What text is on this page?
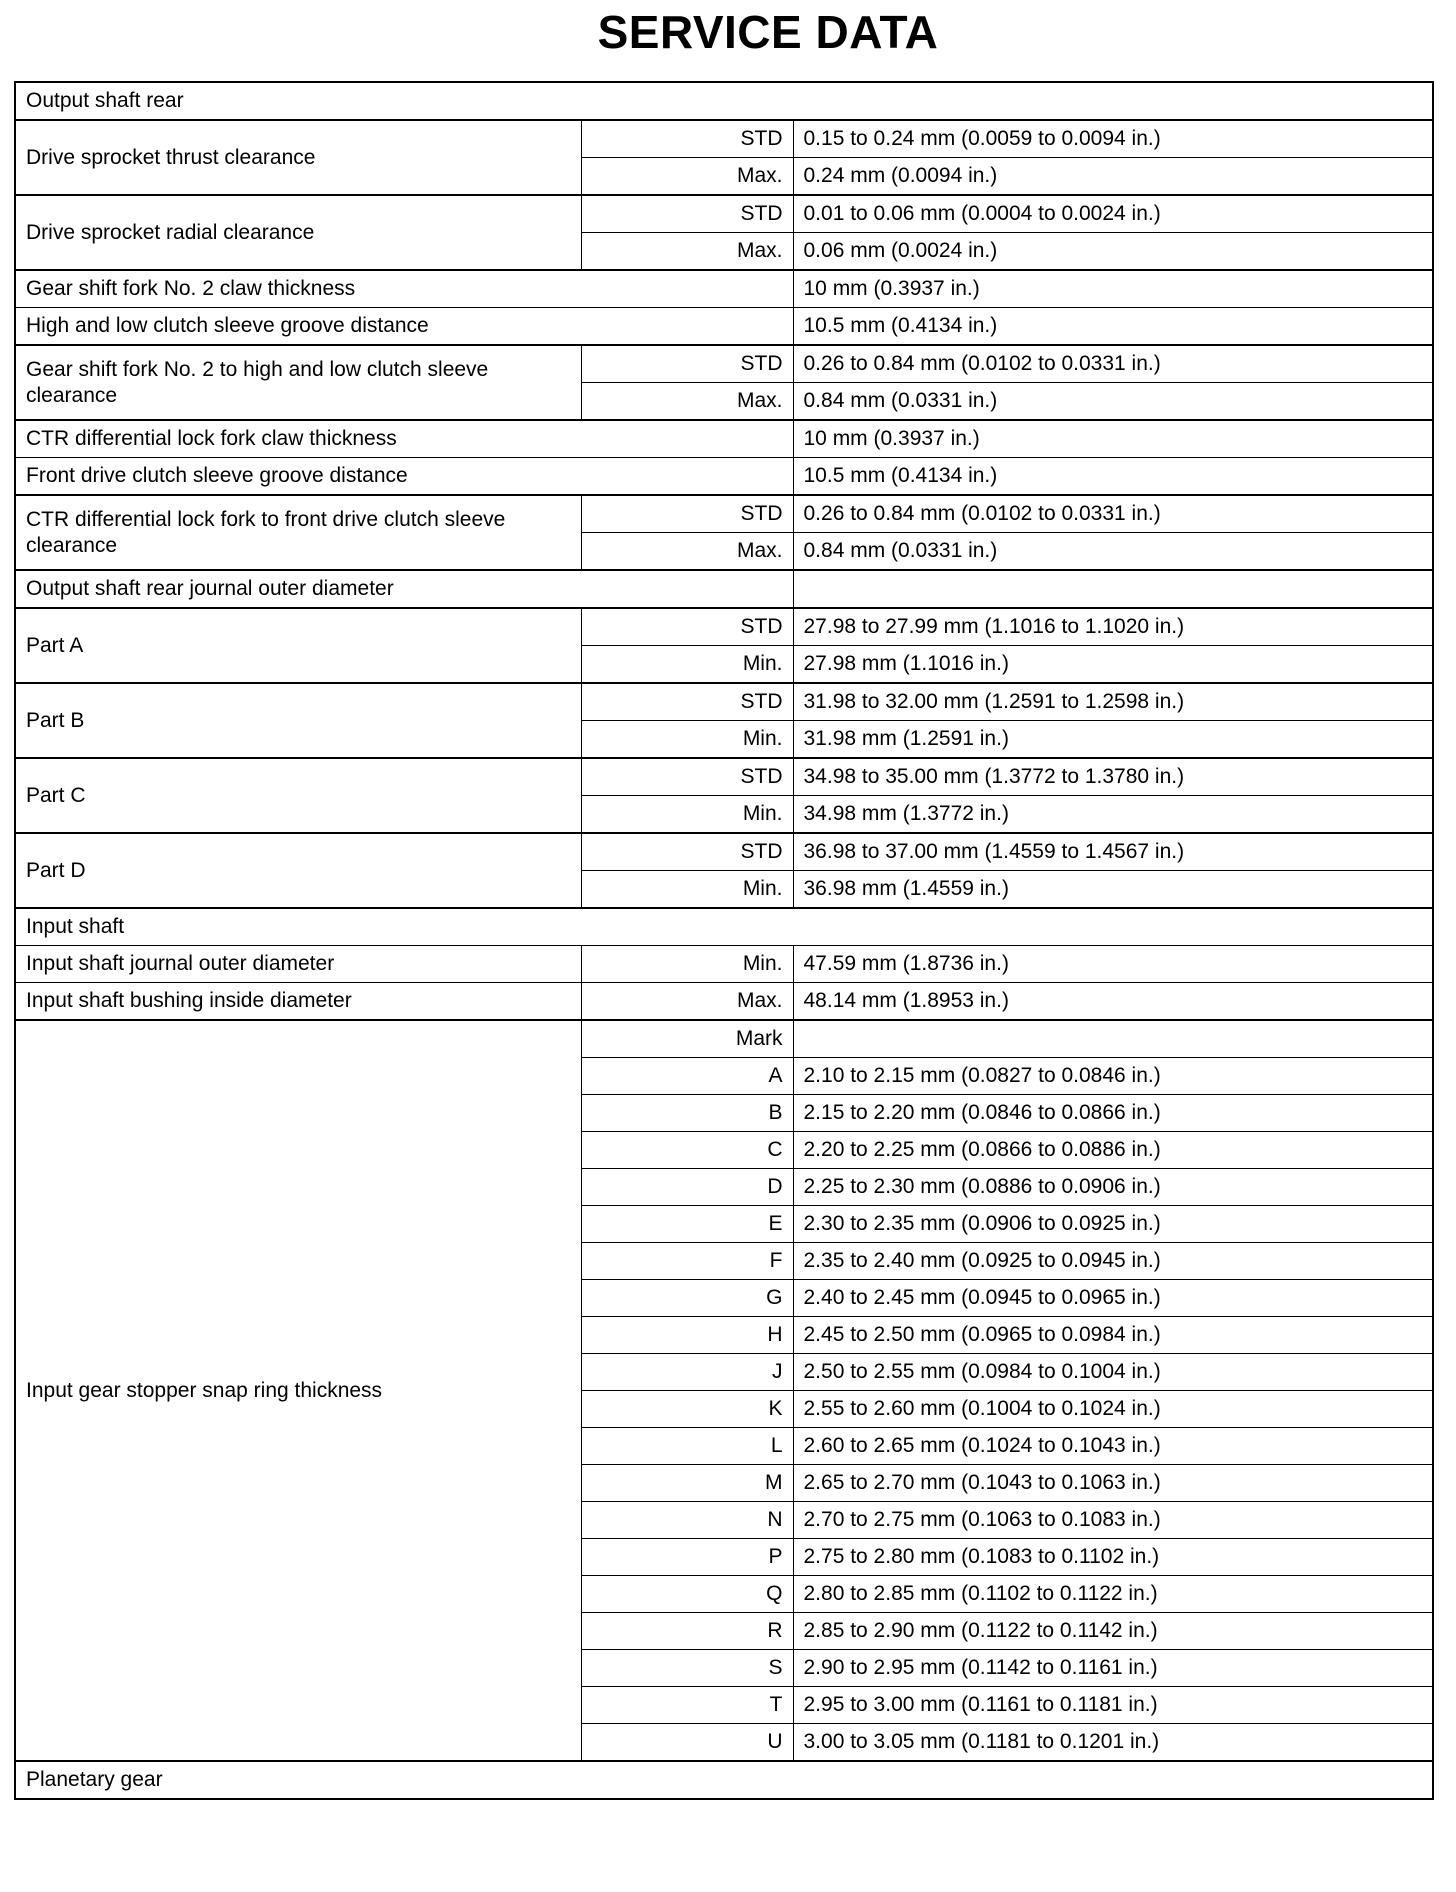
SERVICE DATA
Output shaft rear		
Drive sprocket thrust clearance	STD	0.15 to 0.24 mm (0.0059 to 0.0094 in.)
	Max.	0.24 mm (0.0094 in.)
Drive sprocket radial clearance	STD	0.01 to 0.06 mm (0.0004 to 0.0024 in.)
	Max.	0.06 mm (0.0024 in.)
Gear shift fork No. 2 claw thickness		10 mm (0.3937 in.)
High and low clutch sleeve groove distance		10.5 mm (0.4134 in.)
Gear shift fork No. 2 to high and low clutch sleeve clearance	STD	0.26 to 0.84 mm (0.0102 to 0.0331 in.)
	Max.	0.84 mm (0.0331 in.)
CTR differential lock fork claw thickness		10 mm (0.3937 in.)
Front drive clutch sleeve groove distance		10.5 mm (0.4134 in.)
CTR differential lock fork to front drive clutch sleeve clearance	STD	0.26 to 0.84 mm (0.0102 to 0.0331 in.)
	Max.	0.84 mm (0.0331 in.)
Output shaft rear journal outer diameter		
Part A	STD	27.98 to 27.99 mm (1.1016 to 1.1020 in.)
	Min.	27.98 mm (1.1016 in.)
Part B	STD	31.98 to 32.00 mm (1.2591 to 1.2598 in.)
	Min.	31.98 mm (1.2591 in.)
Part C	STD	34.98 to 35.00 mm (1.3772 to 1.3780 in.)
	Min.	34.98 mm (1.3772 in.)
Part D	STD	36.98 to 37.00 mm (1.4559 to 1.4567 in.)
	Min.	36.98 mm (1.4559 in.)
Input shaft		
Input shaft journal outer diameter	Min.	47.59 mm (1.8736 in.)
Input shaft bushing inside diameter	Max.	48.14 mm (1.8953 in.)
Input gear stopper snap ring thickness	Mark	
	A	2.10 to 2.15 mm (0.0827 to 0.0846 in.)
	B	2.15 to 2.20 mm (0.0846 to 0.0866 in.)
	C	2.20 to 2.25 mm (0.0866 to 0.0886 in.)
	D	2.25 to 2.30 mm (0.0886 to 0.0906 in.)
	E	2.30 to 2.35 mm (0.0906 to 0.0925 in.)
	F	2.35 to 2.40 mm (0.0925 to 0.0945 in.)
	G	2.40 to 2.45 mm (0.0945 to 0.0965 in.)
	H	2.45 to 2.50 mm (0.0965 to 0.0984 in.)
	J	2.50 to 2.55 mm (0.0984 to 0.1004 in.)
	K	2.55 to 2.60 mm (0.1004 to 0.1024 in.)
	L	2.60 to 2.65 mm (0.1024 to 0.1043 in.)
	M	2.65 to 2.70 mm (0.1043 to 0.1063 in.)
	N	2.70 to 2.75 mm (0.1063 to 0.1083 in.)
	P	2.75 to 2.80 mm (0.1083 to 0.1102 in.)
	Q	2.80 to 2.85 mm (0.1102 to 0.1122 in.)
	R	2.85 to 2.90 mm (0.1122 to 0.1142 in.)
	S	2.90 to 2.95 mm (0.1142 to 0.1161 in.)
	T	2.95 to 3.00 mm (0.1161 to 0.1181 in.)
	U	3.00 to 3.05 mm (0.1181 to 0.1201 in.)
Planetary gear		
